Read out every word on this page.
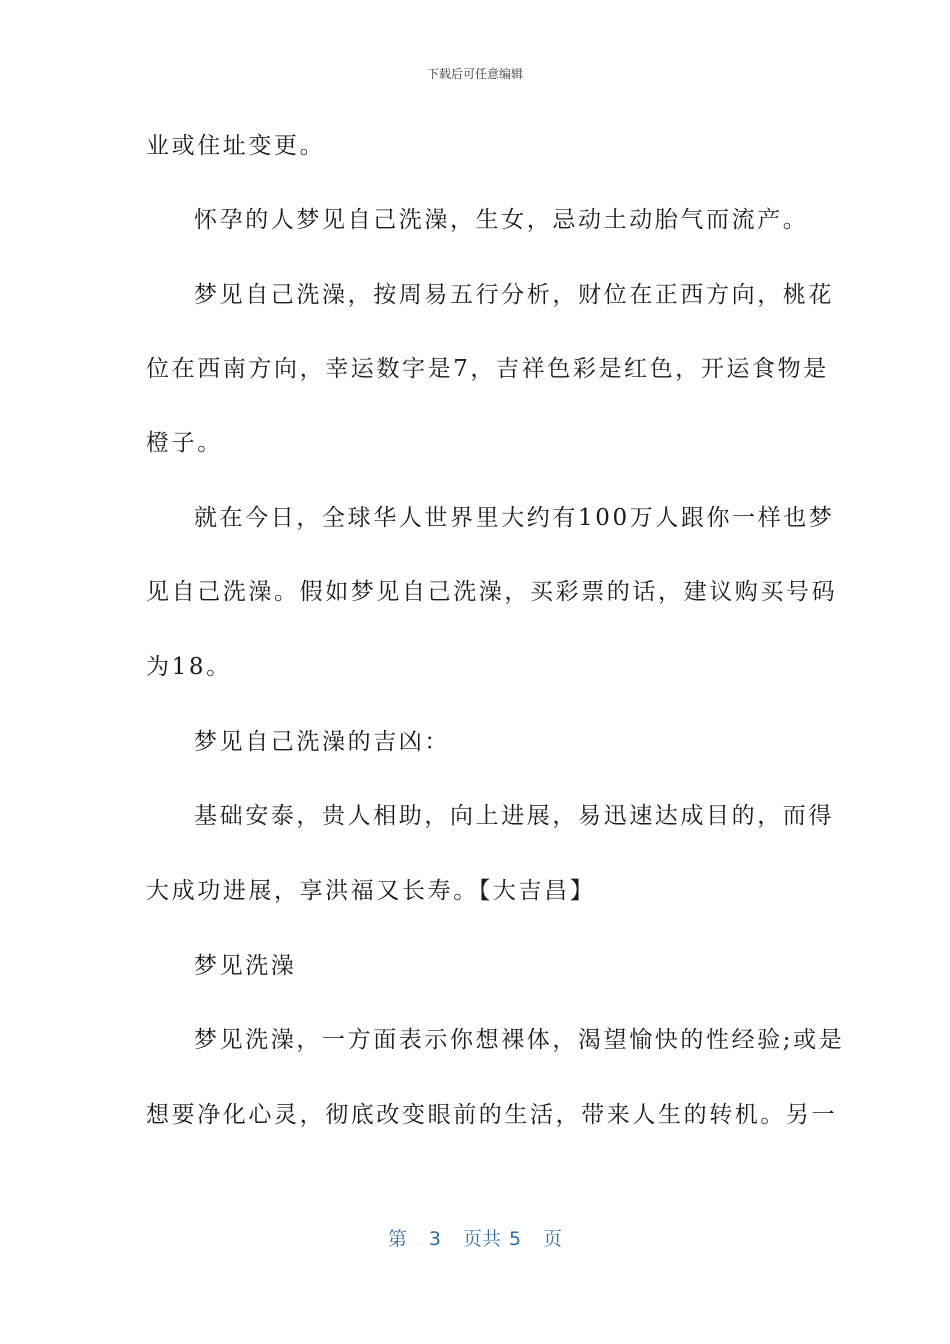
下载后可任意编辑
业或住址变更。
怀孕的人梦见自己洗澡，生女，忌动土动胎气而流产。
梦见自己洗澡，按周易五行分析，财位在正西方向，桃花
位在西南方向，幸运数字是7，吉祥色彩是红色，开运食物是
橙子。
就在今日，全球华人世界里大约有100万人跟你一样也梦
见自己洗澡。假如梦见自己洗澡，买彩票的话，建议购买号码
为18。
梦见自己洗澡的吉凶：
基础安泰，贵人相助，向上进展，易迅速达成目的，而得
大成功进展，享洪福又长寿。【大吉昌】
梦见洗澡
梦见洗澡，一方面表示你想裸体，渴望愉快的性经验;或是
想要净化心灵，彻底改变眼前的生活，带来人生的转机。另一
第 3 页共 5 页
